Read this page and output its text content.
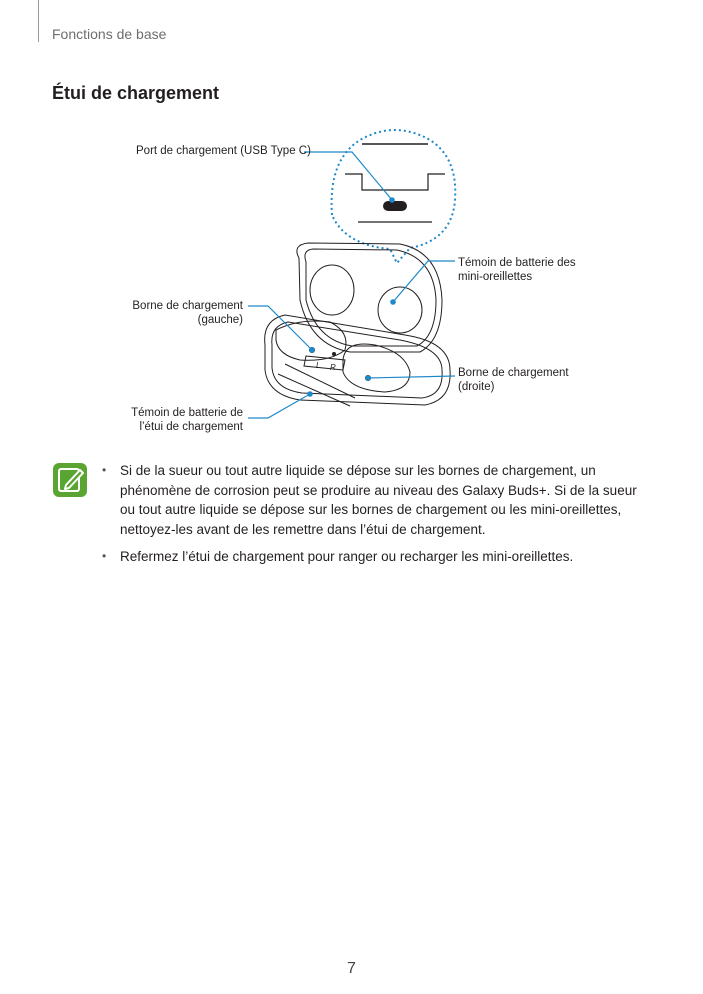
Fonctions de base
Étui de chargement
L R
Port de chargement (USB Type C)
Témoin de batterie des
mini-oreillettes
Borne de chargement
(gauche)
Borne de chargement
(droite)
Témoin de batterie de
l’étui de chargement
• Si de la sueur ou tout autre liquide se dépose sur les bornes de chargement, un phénomène de corrosion peut se produire au niveau des Galaxy Buds+. Si de la sueur ou tout autre liquide se dépose sur les bornes de chargement ou les mini-oreillettes, nettoyez-les avant de les remettre dans l’étui de chargement.
• Refermez l’étui de chargement pour ranger ou recharger les mini-oreillettes.
7
